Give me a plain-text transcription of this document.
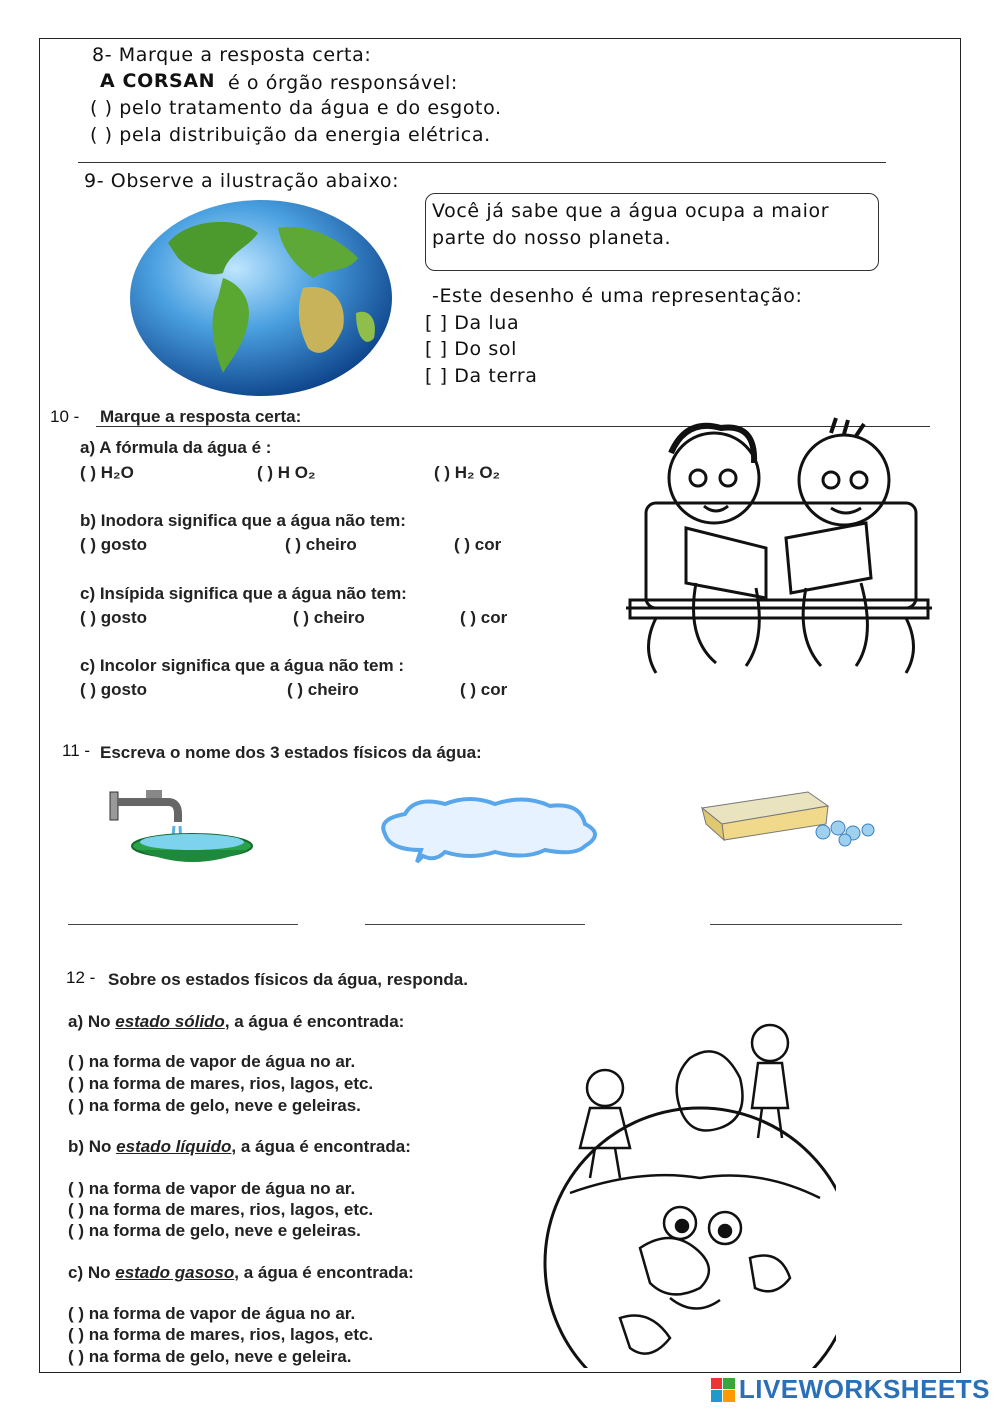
8- Marque a resposta certa:
A CORSAN é o órgão responsável:
( ) pelo tratamento da água e do esgoto.
( ) pela distribuição da energia elétrica.
9- Observe a ilustração abaixo:
Você já sabe que a água ocupa a maior
parte do nosso planeta.
-Este desenho é uma representação:
[ ] Da lua
[ ] Do sol
[ ] Da terra
10 - Marque a resposta certa:
a) A fórmula da água é :
( ) H₂O	( ) H O₂	( ) H₂ O₂
b) Inodora significa que a água não tem:
( ) gosto	( ) cheiro	( ) cor
c) Insípida significa que a água não tem:
( ) gosto	( ) cheiro	( ) cor
c) Incolor significa que a água não tem :
( ) gosto	( ) cheiro	( ) cor
11 - Escreva o nome dos 3 estados físicos da água:
12 - Sobre os estados físicos da água, responda.
a) No estado sólido, a água é encontrada:
( ) na forma de vapor de água no ar.
( ) na forma de mares, rios, lagos, etc.
( ) na forma de gelo, neve e geleiras.
b) No estado líquido, a água é encontrada:
( ) na forma de vapor de água no ar.
( ) na forma de mares, rios, lagos, etc.
( ) na forma de gelo, neve e geleiras.
c) No estado gasoso, a água é encontrada:
( ) na forma de vapor de água no ar.
( ) na forma de mares, rios, lagos, etc.
( ) na forma de gelo, neve e geleira.
LIVEWORKSHEETS
